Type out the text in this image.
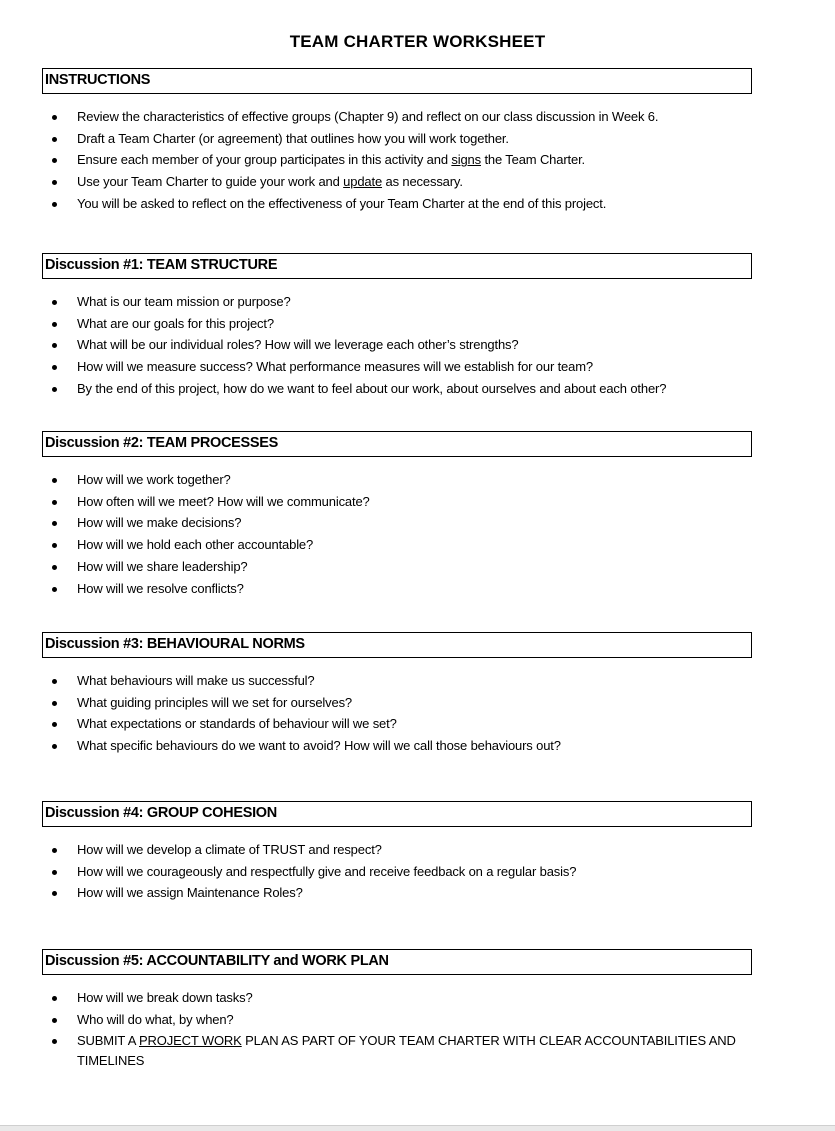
TEAM CHARTER WORKSHEET
INSTRUCTIONS
Review the characteristics of effective groups (Chapter 9) and reflect on our class discussion in Week 6.
Draft a Team Charter (or agreement) that outlines how you will work together.
Ensure each member of your group participates in this activity and signs the Team Charter.
Use your Team Charter to guide your work and update as necessary.
You will be asked to reflect on the effectiveness of your Team Charter at the end of this project.
Discussion #1: TEAM STRUCTURE
What is our team mission or purpose?
What are our goals for this project?
What will be our individual roles? How will we leverage each other’s strengths?
How will we measure success? What performance measures will we establish for our team?
By the end of this project, how do we want to feel about our work, about ourselves and about each other?
Discussion #2: TEAM PROCESSES
How will we work together?
How often will we meet? How will we communicate?
How will we make decisions?
How will we hold each other accountable?
How will we share leadership?
How will we resolve conflicts?
Discussion #3: BEHAVIOURAL NORMS
What behaviours will make us successful?
What guiding principles will we set for ourselves?
What expectations or standards of behaviour will we set?
What specific behaviours do we want to avoid? How will we call those behaviours out?
Discussion #4: GROUP COHESION
How will we develop a climate of TRUST and respect?
How will we courageously and respectfully give and receive feedback on a regular basis?
How will we assign Maintenance Roles?
Discussion #5: ACCOUNTABILITY and WORK PLAN
How will we break down tasks?
Who will do what, by when?
SUBMIT A PROJECT WORK PLAN AS PART OF YOUR TEAM CHARTER WITH CLEAR ACCOUNTABILITIES AND TIMELINES
